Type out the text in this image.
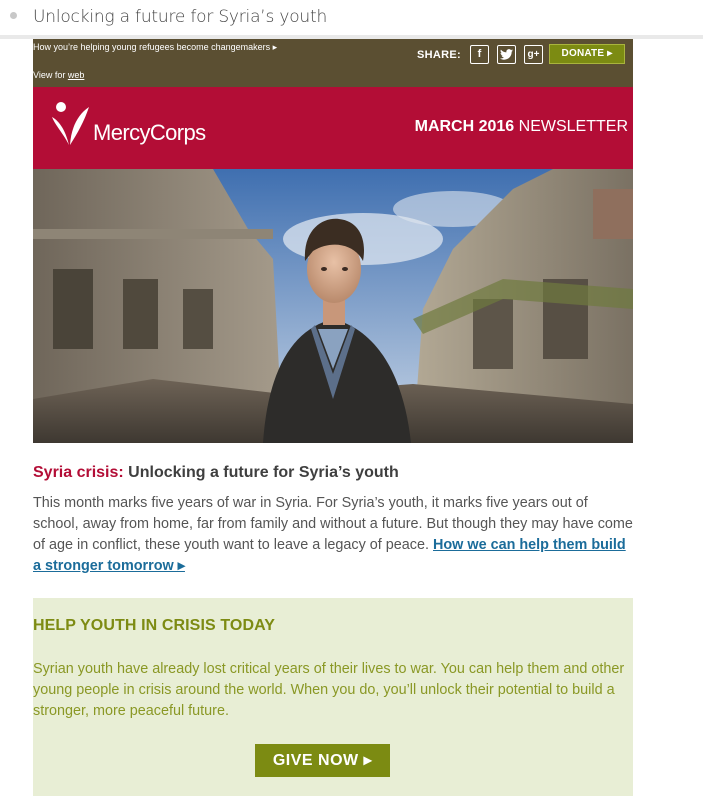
Unlocking a future for Syria’s youth
How you’re helping young refugees become changemakers ▸
View for web
SHARE:	f	g+	DONATE ▸
MercyCorps	MARCH 2016 NEWSLETTER
Syria crisis: Unlocking a future for Syria’s youth

This month marks five years of war in Syria. For Syria’s youth, it marks five years out of school, away from home, far from family and without a future. But though they may have come of age in conflict, these youth want to leave a legacy of peace. How we can help them build a stronger tomorrow ▸

HELP YOUTH IN CRISIS TODAY
Syrian youth have already lost critical years of their lives to war. You can help them and other young people in crisis around the world. When you do, you’ll unlock their potential to build a stronger, more peaceful future.
GIVE NOW ▸
